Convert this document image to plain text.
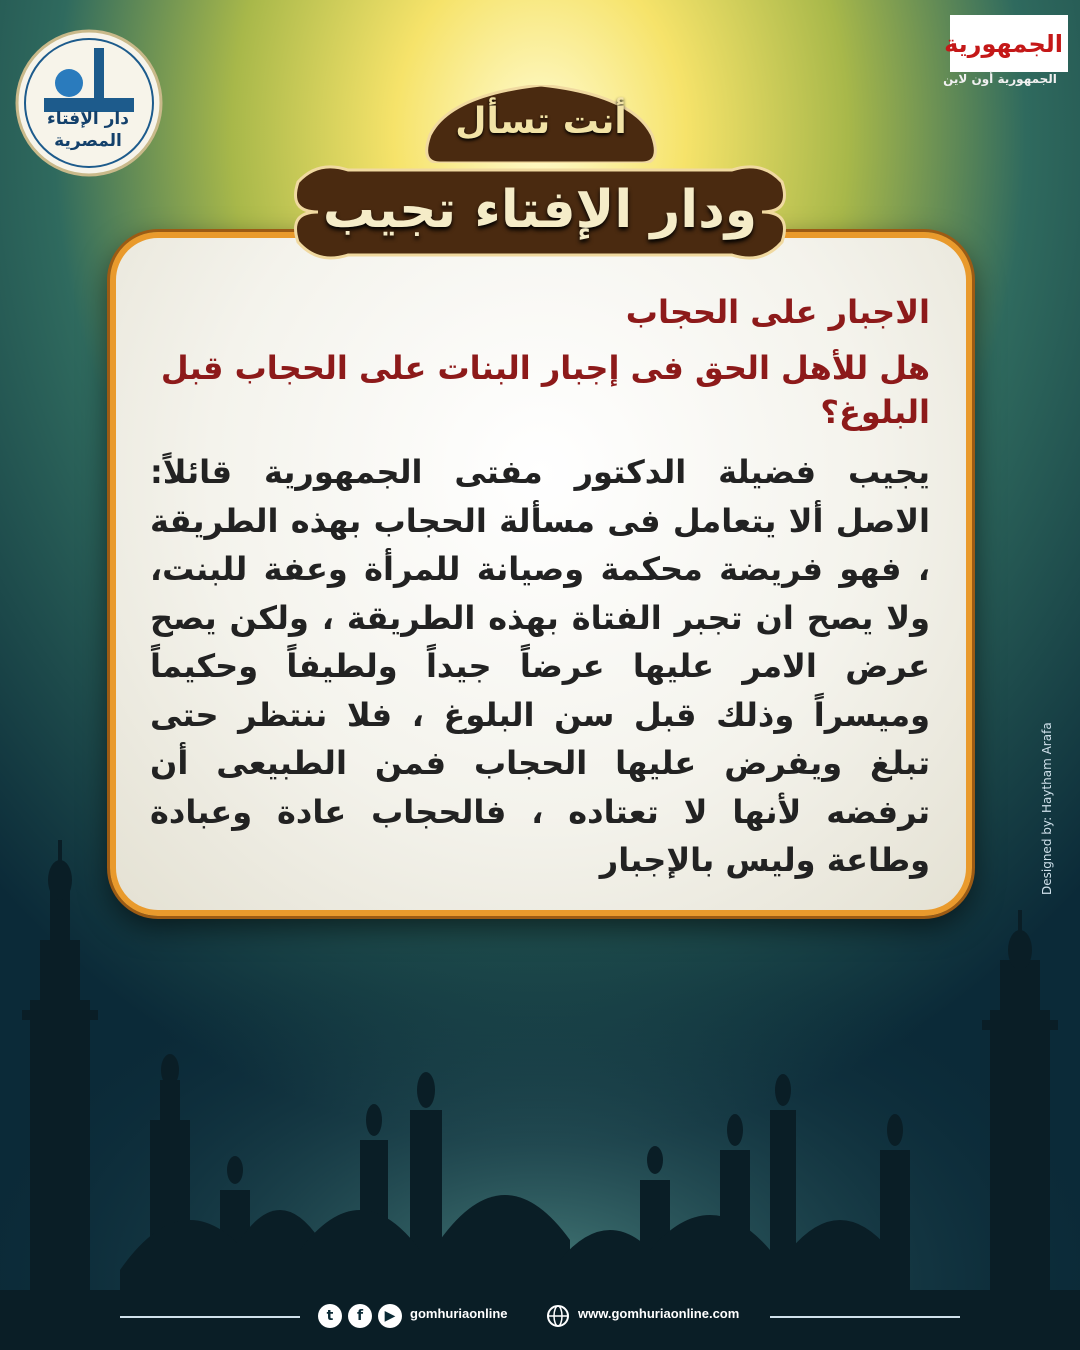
دار الإفتاء المصرية
الجمهورية
الجمهورية أون لاين
أنت تسأل
ودار الإفتاء تجيب

الاجبار على الحجاب

هل للأهل الحق فى إجبار البنات على الحجاب قبل البلوغ؟

يجيب فضيلة الدكتور مفتى الجمهورية قائلاً: الاصل ألا يتعامل فى مسألة الحجاب بهذه الطريقة ، فهو فريضة محكمة وصيانة للمرأة وعفة للبنت، ولا يصح ان تجبر الفتاة بهذه الطريقة ، ولكن يصح عرض الامر عليها عرضاً جيداً ولطيفاً وحكيماً وميسراً وذلك قبل سن البلوغ ، فلا ننتظر حتى تبلغ ويفرض عليها الحجاب فمن الطبيعى أن ترفضه لأنها لا تعتاده ، فالحجاب عادة وعبادة وطاعة وليس بالإجبار	Designed by: Haytham Arafa
t	f	▶	gomhuriaonline	www.gomhuriaonline.com
